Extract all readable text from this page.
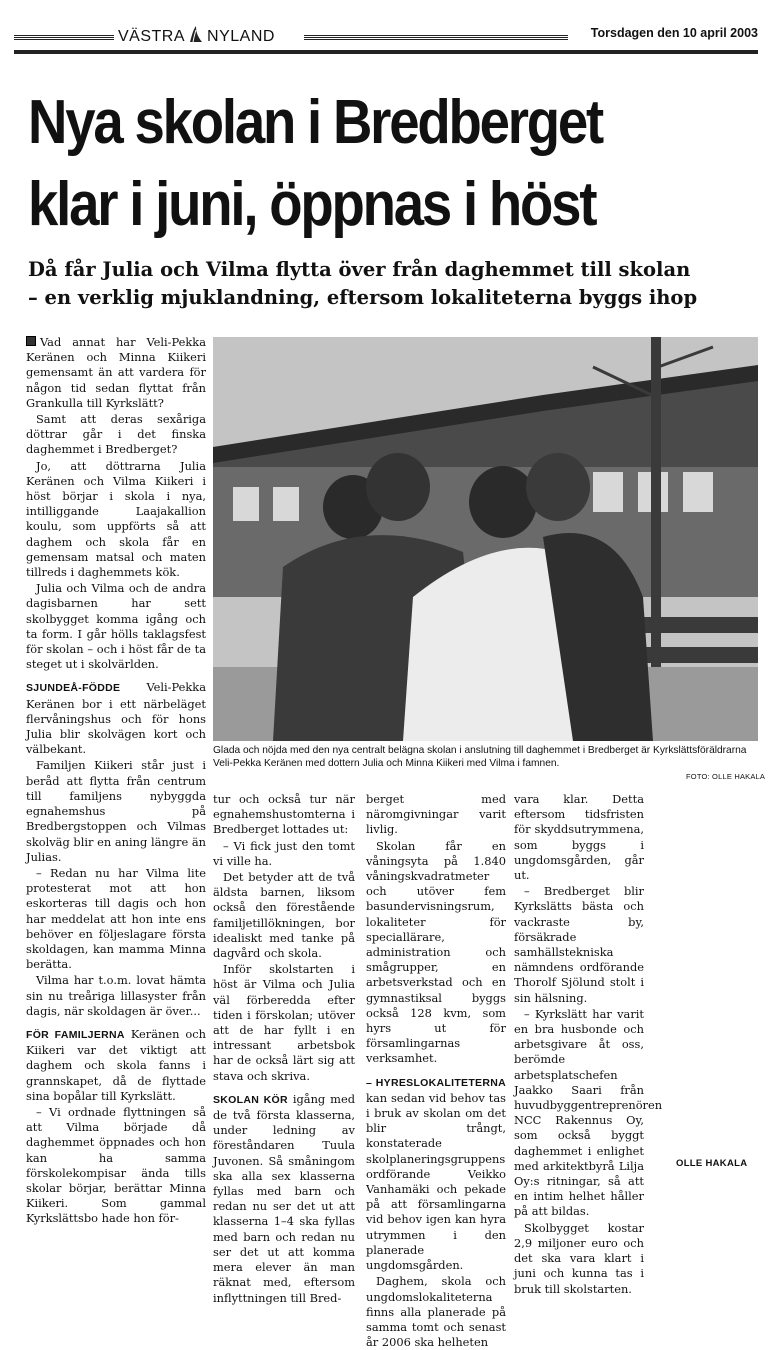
VÄSTRA NYLAND	Torsdagen den 10 april 2003
Nya skolan i Bredberget
klar i juni, öppnas i höst
Då får Julia och Vilma flytta över från daghemmet till skolan
– en verklig mjuklandning, eftersom lokaliteterna byggs ihop
Glada och nöjda med den nya centralt belägna skolan i anslutning till daghemmet i Bredberget är Kyrkslättsföräldrarna Veli-Pekka Keränen med dottern Julia och Minna Kiikeri med Vilma i famnen.
FOTO: OLLE HAKALA

Vad annat har Veli-Pekka Keränen och Minna Kiikeri gemensamt än att vardera för någon tid sedan flyttat från Grankulla till Kyrkslätt?

Samt att deras sexåriga döttrar går i det finska daghemmet i Bredberget?

Jo, att döttrarna Julia Keränen och Vilma Kiikeri i höst börjar i skola i nya, intilliggande Laajakallion koulu, som uppförts så att daghem och skola får en gemensam matsal och maten tillreds i daghemmets kök.

Julia och Vilma och de andra dagisbarnen har sett skolbygget komma igång och ta form. I går hölls taklagsfest för skolan – och i höst får de ta steget ut i skolvärlden.

SJUNDEÅ-FÖDDE Veli-Pekka Keränen bor i ett närbeläget flervåningshus och för hons Julia blir skolvägen kort och välbekant.

Familjen Kiikeri står just i beråd att flytta från centrum till familjens nybyggda egnahemshus på Bredbergstoppen och Vilmas skolväg blir en aning längre än Julias.

– Redan nu har Vilma lite protesterat mot att hon eskorteras till dagis och hon har meddelat att hon inte ens behöver en följeslagare första skoldagen, kan mamma Minna berätta.

Vilma har t.o.m. lovat hämta sin nu treåriga lillasyster från dagis, när skoldagen är över...

FÖR FAMILJERNA Keränen och Kiikeri var det viktigt att daghem och skola fanns i grannskapet, då de flyttade sina bopålar till Kyrkslätt.

– Vi ordnade flyttningen så att Vilma började då daghemmet öppnades och hon kan ha samma förskolekompisar ända tills skolar börjar, berättar Minna Kiikeri. Som gammal Kyrkslättsbo hade hon för-

tur och också tur när egnahemshustomterna i Bredberget lottades ut:

– Vi fick just den tomt vi ville ha.

Det betyder att de två äldsta barnen, liksom också den förestående familjetillökningen, bor idealiskt med tanke på dagvård och skola.

Inför skolstarten i höst är Vilma och Julia väl förberedda efter tiden i förskolan; utöver att de har fyllt i en intressant arbetsbok har de också lärt sig att stava och skriva.

SKOLAN KÖR igång med de två första klasserna, under ledning av föreståndaren Tuula Juvonen. Så småningom ska alla sex klasserna fyllas med barn och redan nu ser det ut att klasserna 1–4 ska fyllas med barn och redan nu ser det ut att komma mera elever än man räknat med, eftersom inflyttningen till Bred-

berget med näromgivningar varit livlig.

Skolan får en våningsyta på 1.840 våningskvadratmeter och utöver fem basundervisningsrum, lokaliteter för speciallärare, administration och smågrupper, en arbetsverkstad och en gymnastiksal byggs också 128 kvm, som hyrs ut för församlingarnas verksamhet.

– HYRESLOKALITETERNA kan sedan vid behov tas i bruk av skolan om det blir trångt, konstaterade skolplaneringsgruppens ordförande Veikko Vanhamäki och pekade på att församlingarna vid behov igen kan hyra utrymmen i den planerade ungdomsgården.

Daghem, skola och ungdomslokaliteterna finns alla planerade på samma tomt och senast år 2006 ska helheten

vara klar. Detta eftersom tidsfristen för skyddsutrymmena, som byggs i ungdomsgården, går ut.

– Bredberget blir Kyrkslätts bästa och vackraste by, försäkrade samhällstekniska nämndens ordförande Thorolf Sjölund stolt i sin hälsning.

– Kyrkslätt har varit en bra husbonde och arbetsgivare åt oss, berömde arbetsplatschefen Jaakko Saari från huvudbyggentreprenören NCC Rakennus Oy, som också byggt daghemmet i enlighet med arkitektbyrå Lilja Oy:s ritningar, så att en intim helhet håller på att bildas.

Skolbygget kostar 2,9 miljoner euro och det ska vara klart i juni och kunna tas i bruk till skolstarten.

OLLE HAKALA
